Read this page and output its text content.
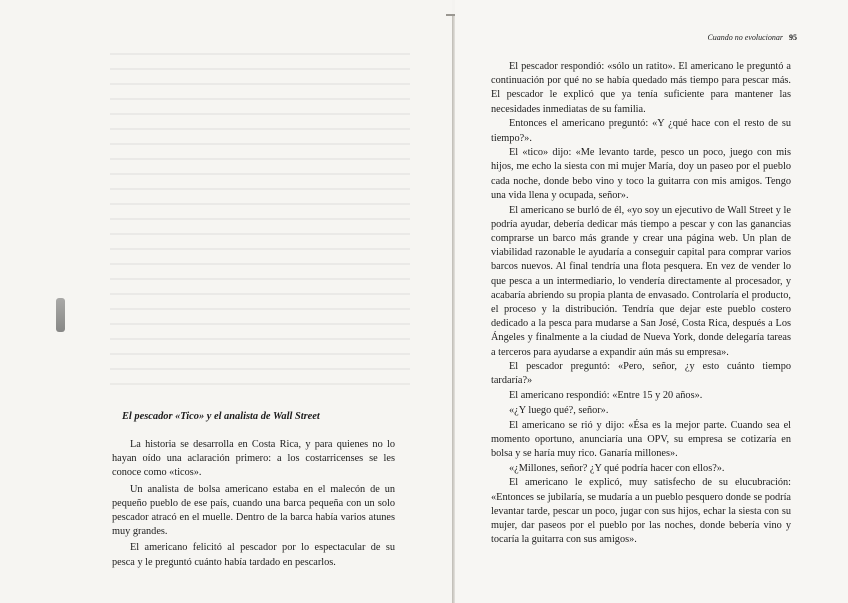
Cuando no evolucionar 95

El pescador respondió: «sólo un ratito». El americano le preguntó a continuación por qué no se había quedado más tiempo para pescar más. El pescador le explicó que ya tenía suficiente para mantener las necesidades inmediatas de su familia.

Entonces el americano preguntó: «Y ¿qué hace con el resto de su tiempo?».

El «tico» dijo: «Me levanto tarde, pesco un poco, juego con mis hijos, me echo la siesta con mi mujer María, doy un paseo por el pueblo cada noche, donde bebo vino y toco la guitarra con mis amigos. Tengo una vida llena y ocupada, señor».

El americano se burló de él, «yo soy un ejecutivo de Wall Street y le podría ayudar, debería dedicar más tiempo a pescar y con las ganancias comprarse un barco más grande y crear una página web. Un plan de viabilidad razonable le ayudaría a conseguir capital para comprar varios barcos nuevos. Al final tendría una flota pesquera. En vez de vender lo que pesca a un intermediario, lo vendería directamente al procesador, y acabaría abriendo su propia planta de envasado. Controlaría el producto, el proceso y la distribución. Tendría que dejar este pueblo costero dedicado a la pesca para mudarse a San José, Costa Rica, después a Los Ángeles y finalmente a la ciudad de Nueva York, donde delegaría tareas a terceros para ayudarse a expandir aún más su empresa».

El pescador preguntó: «Pero, señor, ¿y esto cuánto tiempo tardaría?»

El americano respondió: «Entre 15 y 20 años».

«¿Y luego qué?, señor».

El americano se rió y dijo: «Ésa es la mejor parte. Cuando sea el momento oportuno, anunciaría una OPV, su empresa se cotizaría en bolsa y se haría muy rico. Ganaría millones».

«¿Millones, señor? ¿Y qué podría hacer con ellos?».

El americano le explicó, muy satisfecho de su elucubración: «Entonces se jubilaría, se mudaría a un pueblo pesquero donde se podría levantar tarde, pescar un poco, jugar con sus hijos, echar la siesta con su mujer, dar paseos por el pueblo por las noches, donde bebería vino y tocaría la guitarra con sus amigos».

El pescador «Tico» y el analista de Wall Street

La historia se desarrolla en Costa Rica, y para quienes no lo hayan oído una aclaración primero: a los costarricenses se les conoce como «ticos».

Un analista de bolsa americano estaba en el malecón de un pequeño pueblo de ese país, cuando una barca pequeña con un solo pescador atracó en el muelle. Dentro de la barca había varios atunes muy grandes.

El americano felicitó al pescador por lo espectacular de su pesca y le preguntó cuánto había tardado en pescarlos.
